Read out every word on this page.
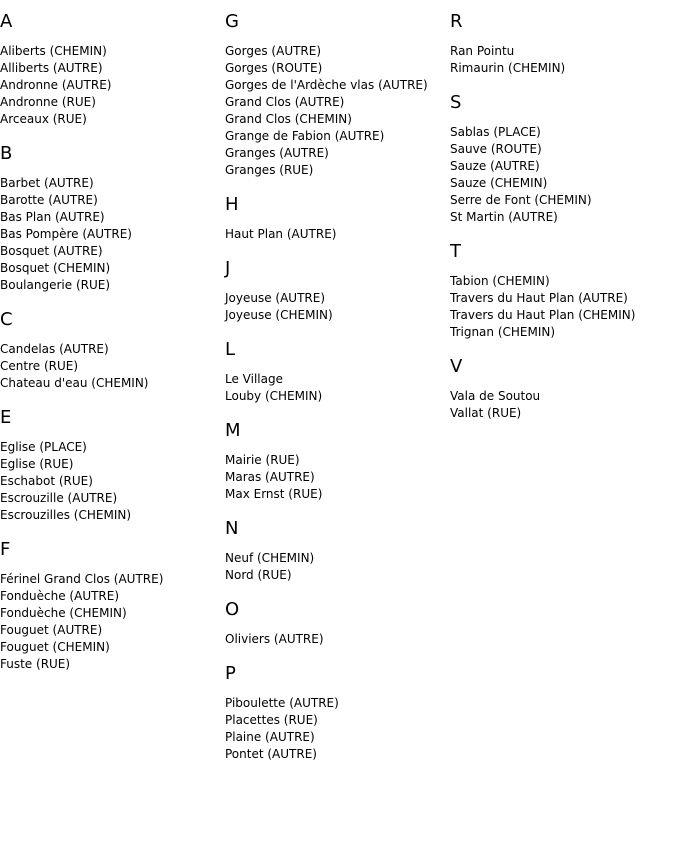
A
Aliberts (CHEMIN)
Alliberts (AUTRE)
Andronne (AUTRE)
Andronne (RUE)
Arceaux (RUE)
B
Barbet (AUTRE)
Barotte (AUTRE)
Bas Plan (AUTRE)
Bas Pompère (AUTRE)
Bosquet (AUTRE)
Bosquet (CHEMIN)
Boulangerie (RUE)
C
Candelas (AUTRE)
Centre (RUE)
Chateau d'eau (CHEMIN)
E
Eglise (PLACE)
Eglise (RUE)
Eschabot (RUE)
Escrouzille (AUTRE)
Escrouzilles (CHEMIN)
F
Férinel Grand Clos (AUTRE)
Fonduèche (AUTRE)
Fonduèche (CHEMIN)
Fouguet (AUTRE)
Fouguet (CHEMIN)
Fuste (RUE)
G
Gorges (AUTRE)
Gorges (ROUTE)
Gorges de l'Ardèche vlas (AUTRE)
Grand Clos (AUTRE)
Grand Clos (CHEMIN)
Grange de Fabion (AUTRE)
Granges (AUTRE)
Granges (RUE)
H
Haut Plan (AUTRE)
J
Joyeuse (AUTRE)
Joyeuse (CHEMIN)
L
Le Village
Louby (CHEMIN)
M
Mairie (RUE)
Maras (AUTRE)
Max Ernst (RUE)
N
Neuf (CHEMIN)
Nord (RUE)
O
Oliviers (AUTRE)
P
Piboulette (AUTRE)
Placettes (RUE)
Plaine (AUTRE)
Pontet (AUTRE)
R
Ran Pointu
Rimaurin (CHEMIN)
S
Sablas (PLACE)
Sauve (ROUTE)
Sauze (AUTRE)
Sauze (CHEMIN)
Serre de Font (CHEMIN)
St Martin (AUTRE)
T
Tabion (CHEMIN)
Travers du Haut Plan (AUTRE)
Travers du Haut Plan (CHEMIN)
Trignan (CHEMIN)
V
Vala de Soutou
Vallat (RUE)
